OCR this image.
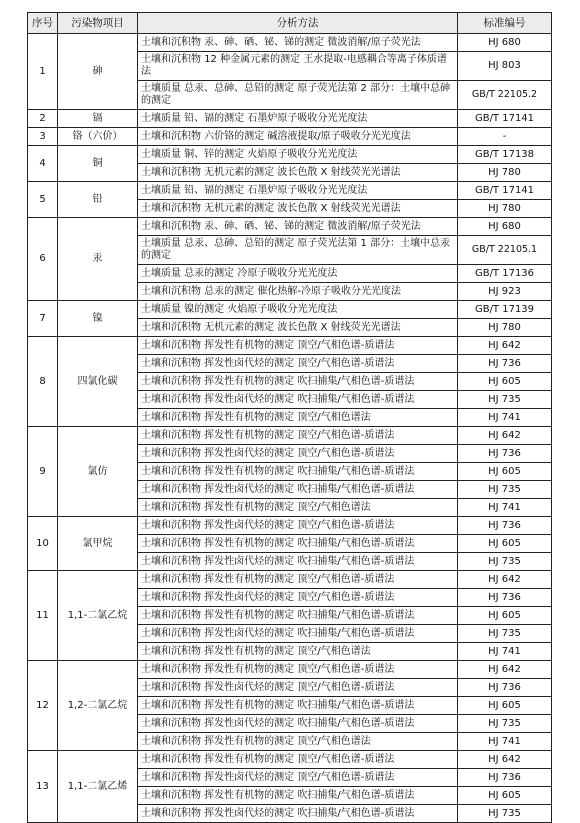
序号	污染物项目	分析方法	标准编号
1	砷	土壤和沉积物 汞、砷、硒、铋、锑的测定 微波消解/原子荧光法	HJ 680
		土壤和沉积物 12 种金属元素的测定 王水提取-电感耦合等离子体质谱法	HJ 803
		土壤质量 总汞、总砷、总铅的测定 原子荧光法第 2 部分：土壤中总砷的测定	GB/T 22105.2
2	镉	土壤质量 铅、镉的测定 石墨炉原子吸收分光光度法	GB/T 17141
3	铬（六价）	土壤和沉积物 六价铬的测定 碱溶液提取/原子吸收分光光度法	-
4	铜	土壤质量 铜、锌的测定 火焰原子吸收分光光度法	GB/T 17138
		土壤和沉积物 无机元素的测定 波长色散 X 射线荧光光谱法	HJ 780
5	铅	土壤质量 铅、镉的测定 石墨炉原子吸收分光光度法	GB/T 17141
		土壤和沉积物 无机元素的测定 波长色散 X 射线荧光光谱法	HJ 780
6	汞	土壤和沉积物 汞、砷、硒、铋、锑的测定 微波消解/原子荧光法	HJ 680
		土壤质量 总汞、总砷、总铅的测定 原子荧光法第 1 部分：土壤中总汞的测定	GB/T 22105.1
		土壤质量 总汞的测定 冷原子吸收分光光度法	GB/T 17136
		土壤和沉积物 总汞的测定 催化热解-冷原子吸收分光光度法	HJ 923
7	镍	土壤质量 镍的测定 火焰原子吸收分光光度法	GB/T 17139
		土壤和沉积物 无机元素的测定 波长色散 X 射线荧光光谱法	HJ 780
8	四氯化碳	土壤和沉积物 挥发性有机物的测定 顶空/气相色谱-质谱法	HJ 642
		土壤和沉积物 挥发性卤代烃的测定 顶空/气相色谱-质谱法	HJ 736
		土壤和沉积物 挥发性有机物的测定 吹扫捕集/气相色谱-质谱法	HJ 605
		土壤和沉积物 挥发性卤代烃的测定 吹扫捕集/气相色谱-质谱法	HJ 735
		土壤和沉积物 挥发性有机物的测定 顶空/气相色谱法	HJ 741
9	氯仿	土壤和沉积物 挥发性有机物的测定 顶空/气相色谱-质谱法	HJ 642
		土壤和沉积物 挥发性卤代烃的测定 顶空/气相色谱-质谱法	HJ 736
		土壤和沉积物 挥发性有机物的测定 吹扫捕集/气相色谱-质谱法	HJ 605
		土壤和沉积物 挥发性卤代烃的测定 吹扫捕集/气相色谱-质谱法	HJ 735
		土壤和沉积物 挥发性有机物的测定 顶空/气相色谱法	HJ 741
10	氯甲烷	土壤和沉积物 挥发性卤代烃的测定 顶空/气相色谱-质谱法	HJ 736
		土壤和沉积物 挥发性有机物的测定 吹扫捕集/气相色谱-质谱法	HJ 605
		土壤和沉积物 挥发性卤代烃的测定 吹扫捕集/气相色谱-质谱法	HJ 735
11	1,1-二氯乙烷	土壤和沉积物 挥发性有机物的测定 顶空/气相色谱-质谱法	HJ 642
		土壤和沉积物 挥发性卤代烃的测定 顶空/气相色谱-质谱法	HJ 736
		土壤和沉积物 挥发性有机物的测定 吹扫捕集/气相色谱-质谱法	HJ 605
		土壤和沉积物 挥发性卤代烃的测定 吹扫捕集/气相色谱-质谱法	HJ 735
		土壤和沉积物 挥发性有机物的测定 顶空/气相色谱法	HJ 741
12	1,2-二氯乙烷	土壤和沉积物 挥发性有机物的测定 顶空/气相色谱-质谱法	HJ 642
		土壤和沉积物 挥发性卤代烃的测定 顶空/气相色谱-质谱法	HJ 736
		土壤和沉积物 挥发性有机物的测定 吹扫捕集/气相色谱-质谱法	HJ 605
		土壤和沉积物 挥发性卤代烃的测定 吹扫捕集/气相色谱-质谱法	HJ 735
		土壤和沉积物 挥发性有机物的测定 顶空/气相色谱法	HJ 741
13	1,1-二氯乙烯	土壤和沉积物 挥发性有机物的测定 顶空/气相色谱-质谱法	HJ 642
		土壤和沉积物 挥发性卤代烃的测定 顶空/气相色谱-质谱法	HJ 736
		土壤和沉积物 挥发性有机物的测定 吹扫捕集/气相色谱-质谱法	HJ 605
		土壤和沉积物 挥发性卤代烃的测定 吹扫捕集/气相色谱-质谱法	HJ 735
